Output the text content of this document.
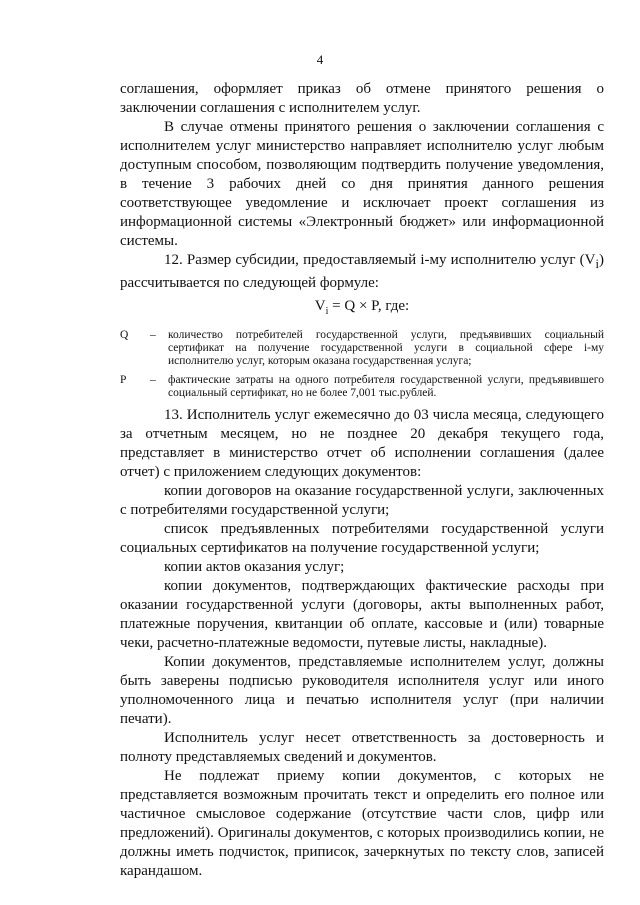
4

соглашения, оформляет приказ об отмене принятого решения о заключении соглашения с исполнителем услуг.

В случае отмены принятого решения о заключении соглашения с исполнителем услуг министерство направляет исполнителю услуг любым доступным способом, позволяющим подтвердить получение уведомления, в течение 3 рабочих дней со дня принятия данного решения соответствующее уведомление и исключает проект соглашения из информационной системы «Электронный бюджет» или информационной системы.

12. Размер субсидии, предоставляемый i-му исполнителю услуг $(V_i)$ рассчитывается по следующей формуле:

$V_i = Q \times P$, где:
Q	–	количество потребителей государственной услуги, предъявивших социальный сертификат на получение государственной услуги в социальной сфере i-му исполнителю услуг, которым оказана государственная услуга;
P	–	фактические затраты на одного потребителя государственной услуги, предъявившего социальный сертификат, но не более 7,001 тыс.рублей.

13. Исполнитель услуг ежемесячно до 03 числа месяца, следующего за отчетным месяцем, но не позднее 20 декабря текущего года, представляет в министерство отчет об исполнении соглашения (далее отчет) с приложением следующих документов:

копии договоров на оказание государственной услуги, заключенных с потребителями государственной услуги;

список предъявленных потребителями государственной услуги социальных сертификатов на получение государственной услуги;

копии актов оказания услуг;

копии документов, подтверждающих фактические расходы при оказании государственной услуги (договоры, акты выполненных работ, платежные поручения, квитанции об оплате, кассовые и (или) товарные чеки, расчетно-платежные ведомости, путевые листы, накладные).

Копии документов, представляемые исполнителем услуг, должны быть заверены подписью руководителя исполнителя услуг или иного уполномоченного лица и печатью исполнителя услуг (при наличии печати).

Исполнитель услуг несет ответственность за достоверность и полноту представляемых сведений и документов.

Не подлежат приему копии документов, с которых не представляется возможным прочитать текст и определить его полное или частичное смысловое содержание (отсутствие части слов, цифр или предложений). Оригиналы документов, с которых производились копии, не должны иметь подчисток, приписок, зачеркнутых по тексту слов, записей карандашом.
